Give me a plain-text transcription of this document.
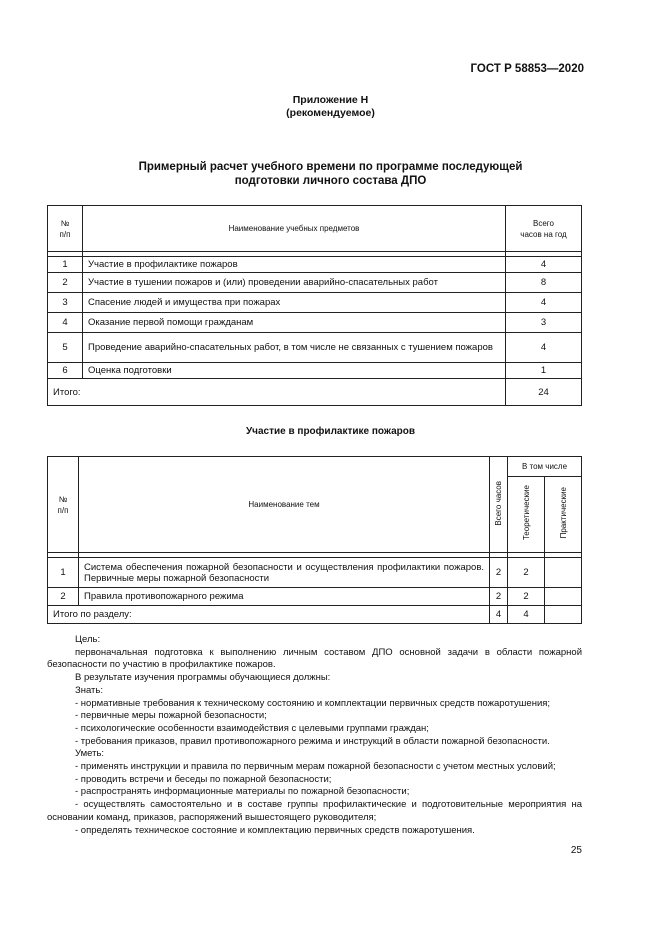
ГОСТ Р 58853—2020
Приложение Н
(рекомендуемое)
Примерный расчет учебного времени по программе последующей
подготовки личного состава ДПО
№
п/п	Наименование учебных предметов	Всего
часов на год

1	Участие в профилактике пожаров	4
2	Участие в тушении пожаров и (или) проведении аварийно-спасательных работ	8
3	Спасение людей и имущества при пожарах	4
4	Оказание первой помощи гражданам	3
5	Проведение аварийно-спасательных работ, в том числе не связанных с тушением пожаров	4
6	Оценка подготовки	1
Итого:		24
Участие в профилактике пожаров
№
п/п	Наименование тем	Всего часов	В том числе	
			Теоретические	Практические

1	Система обеспечения пожарной безопасности и осуществления профилактики пожаров. Первичные меры пожарной безопасности	2	2	
2	Правила противопожарного режима	2	2	
Итого по разделу:		4	4	

Цель:

первоначальная подготовка к выполнению личным составом ДПО основной задачи в области пожарной безопасности по участию в профилактике пожаров.

В результате изучения программы обучающиеся должны:

Знать:

- нормативные требования к техническому состоянию и комплектации первичных средств пожаротушения;

- первичные меры пожарной безопасности;

- психологические особенности взаимодействия с целевыми группами граждан;

- требования приказов, правил противопожарного режима и инструкций в области пожарной безопасности.

Уметь:

- применять инструкции и правила по первичным мерам пожарной безопасности с учетом местных условий;

- проводить встречи и беседы по пожарной безопасности;

- распространять информационные материалы по пожарной безопасности;

- осуществлять самостоятельно и в составе группы профилактические и подготовительные мероприятия на основании команд, приказов, распоряжений вышестоящего руководителя;

- определять техническое состояние и комплектацию первичных средств пожаротушения.

25
